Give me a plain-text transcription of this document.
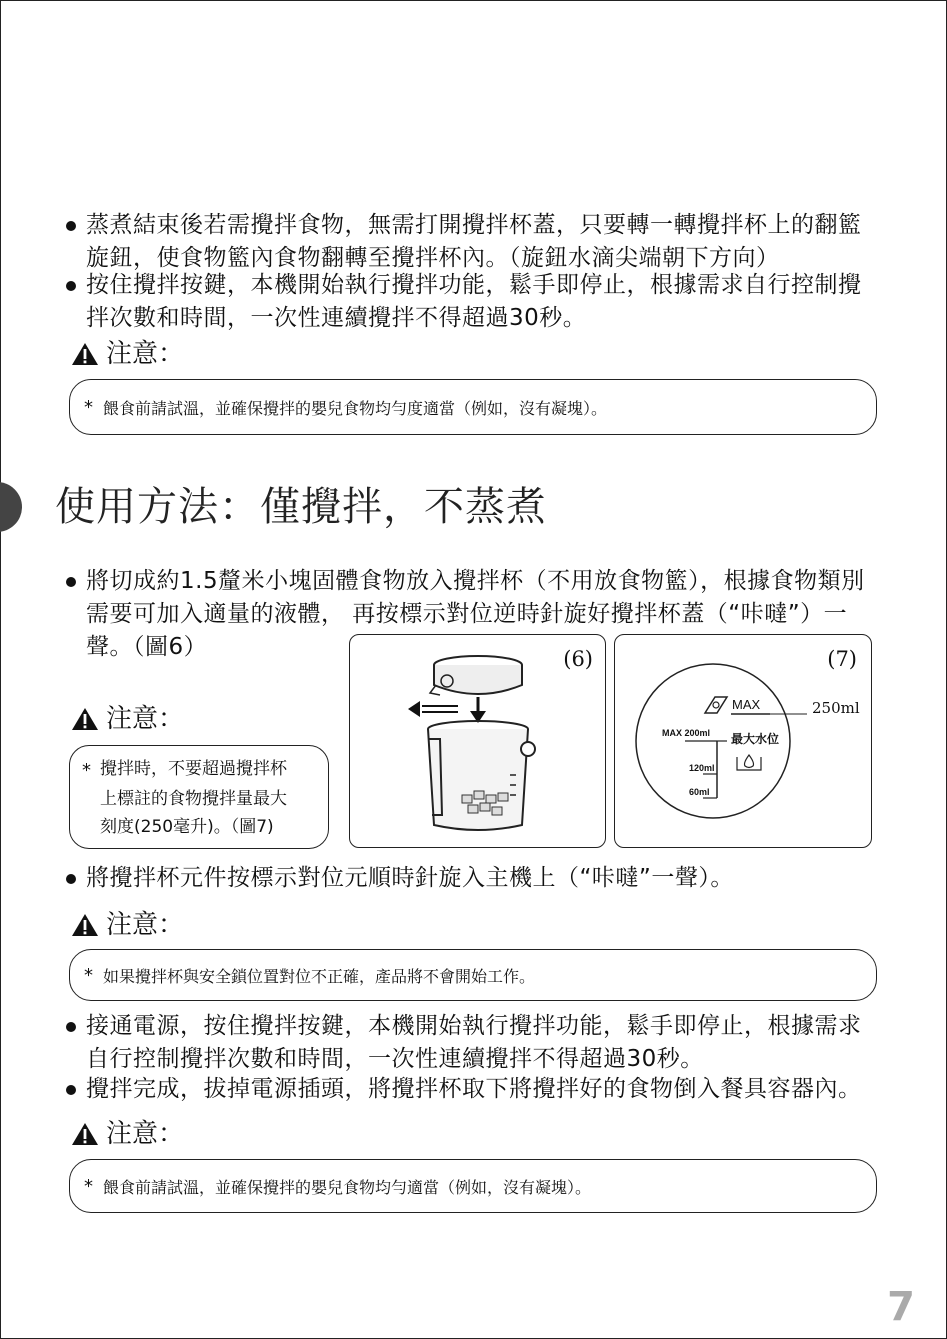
蒸煮結束後若需攪拌食物，無需打開攪拌杯蓋，只要轉一轉攪拌杯上的翻籃旋鈕，使食物籃內食物翻轉至攪拌杯內。（旋鈕水滴尖端朝下方向）
按住攪拌按鍵，本機開始執行攪拌功能，鬆手即停止，根據需求自行控制攪拌次數和時間，一次性連續攪拌不得超過30秒。
注意：
* 餵食前請試溫，並確保攪拌的嬰兒食物均勻度適當（例如，沒有凝塊）。
使用方法：僅攪拌，不蒸煮
將切成約1.5釐米小塊固體食物放入攪拌杯（不用放食物籃），根據食物類別需要可加入適量的液體， 再按標示對位逆時針旋好攪拌杯蓋（“咔噠”）一聲。（圖6）
注意：
* 攪拌時，不要超過攪拌杯
上標註的食物攪拌量最大
刻度(250毫升)。（圖7)
(6)	(7)
MAX	250ml
MAX 200ml 最大水位
120ml
60ml
將攪拌杯元件按標示對位元順時針旋入主機上（“咔噠”一聲）。
注意：
* 如果攪拌杯與安全鎖位置對位不正確，產品將不會開始工作。
接通電源，按住攪拌按鍵，本機開始執行攪拌功能，鬆手即停止，根據需求自行控制攪拌次數和時間，一次性連續攪拌不得超過30秒。
攪拌完成，拔掉電源插頭，將攪拌杯取下將攪拌好的食物倒入餐具容器內。
注意：
* 餵食前請試溫，並確保攪拌的嬰兒食物均勻適當（例如，沒有凝塊）。
7
